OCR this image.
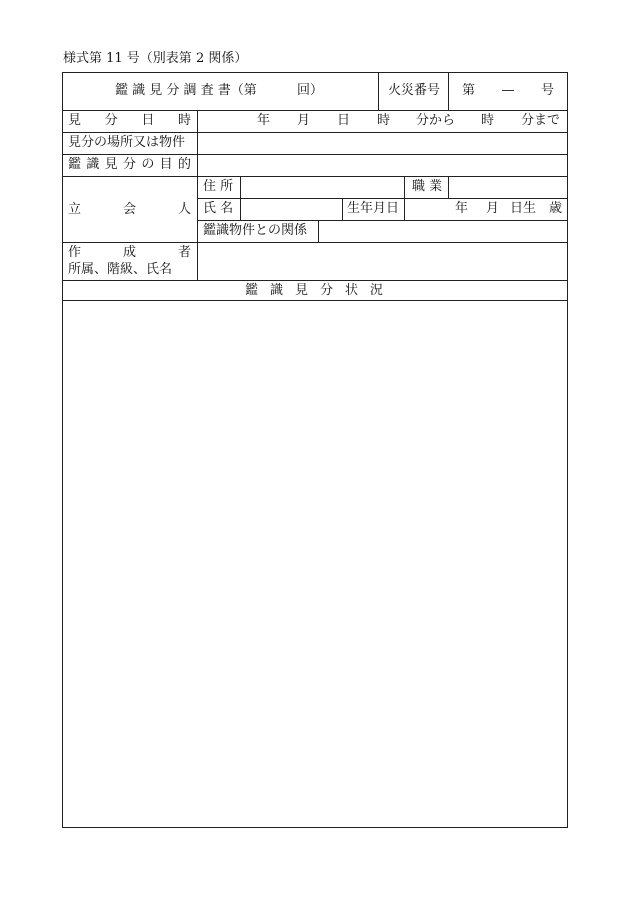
様式第 11 号（別表第 2 関係）
鑑 識 見 分 調 査 書（第	回）	火災番号 第 — 号
見 分 日 時	年 月 日 時 分から 時 分まで
見分の場所又は物件
鑑 識 見 分 の 目 的
立	会	人
住 所	職 業
氏 名	生年月日	年 月 日生 歳
鑑識物件との関係
作	成	者
所属、階級、氏名
鑑 識 見 分 状 況
